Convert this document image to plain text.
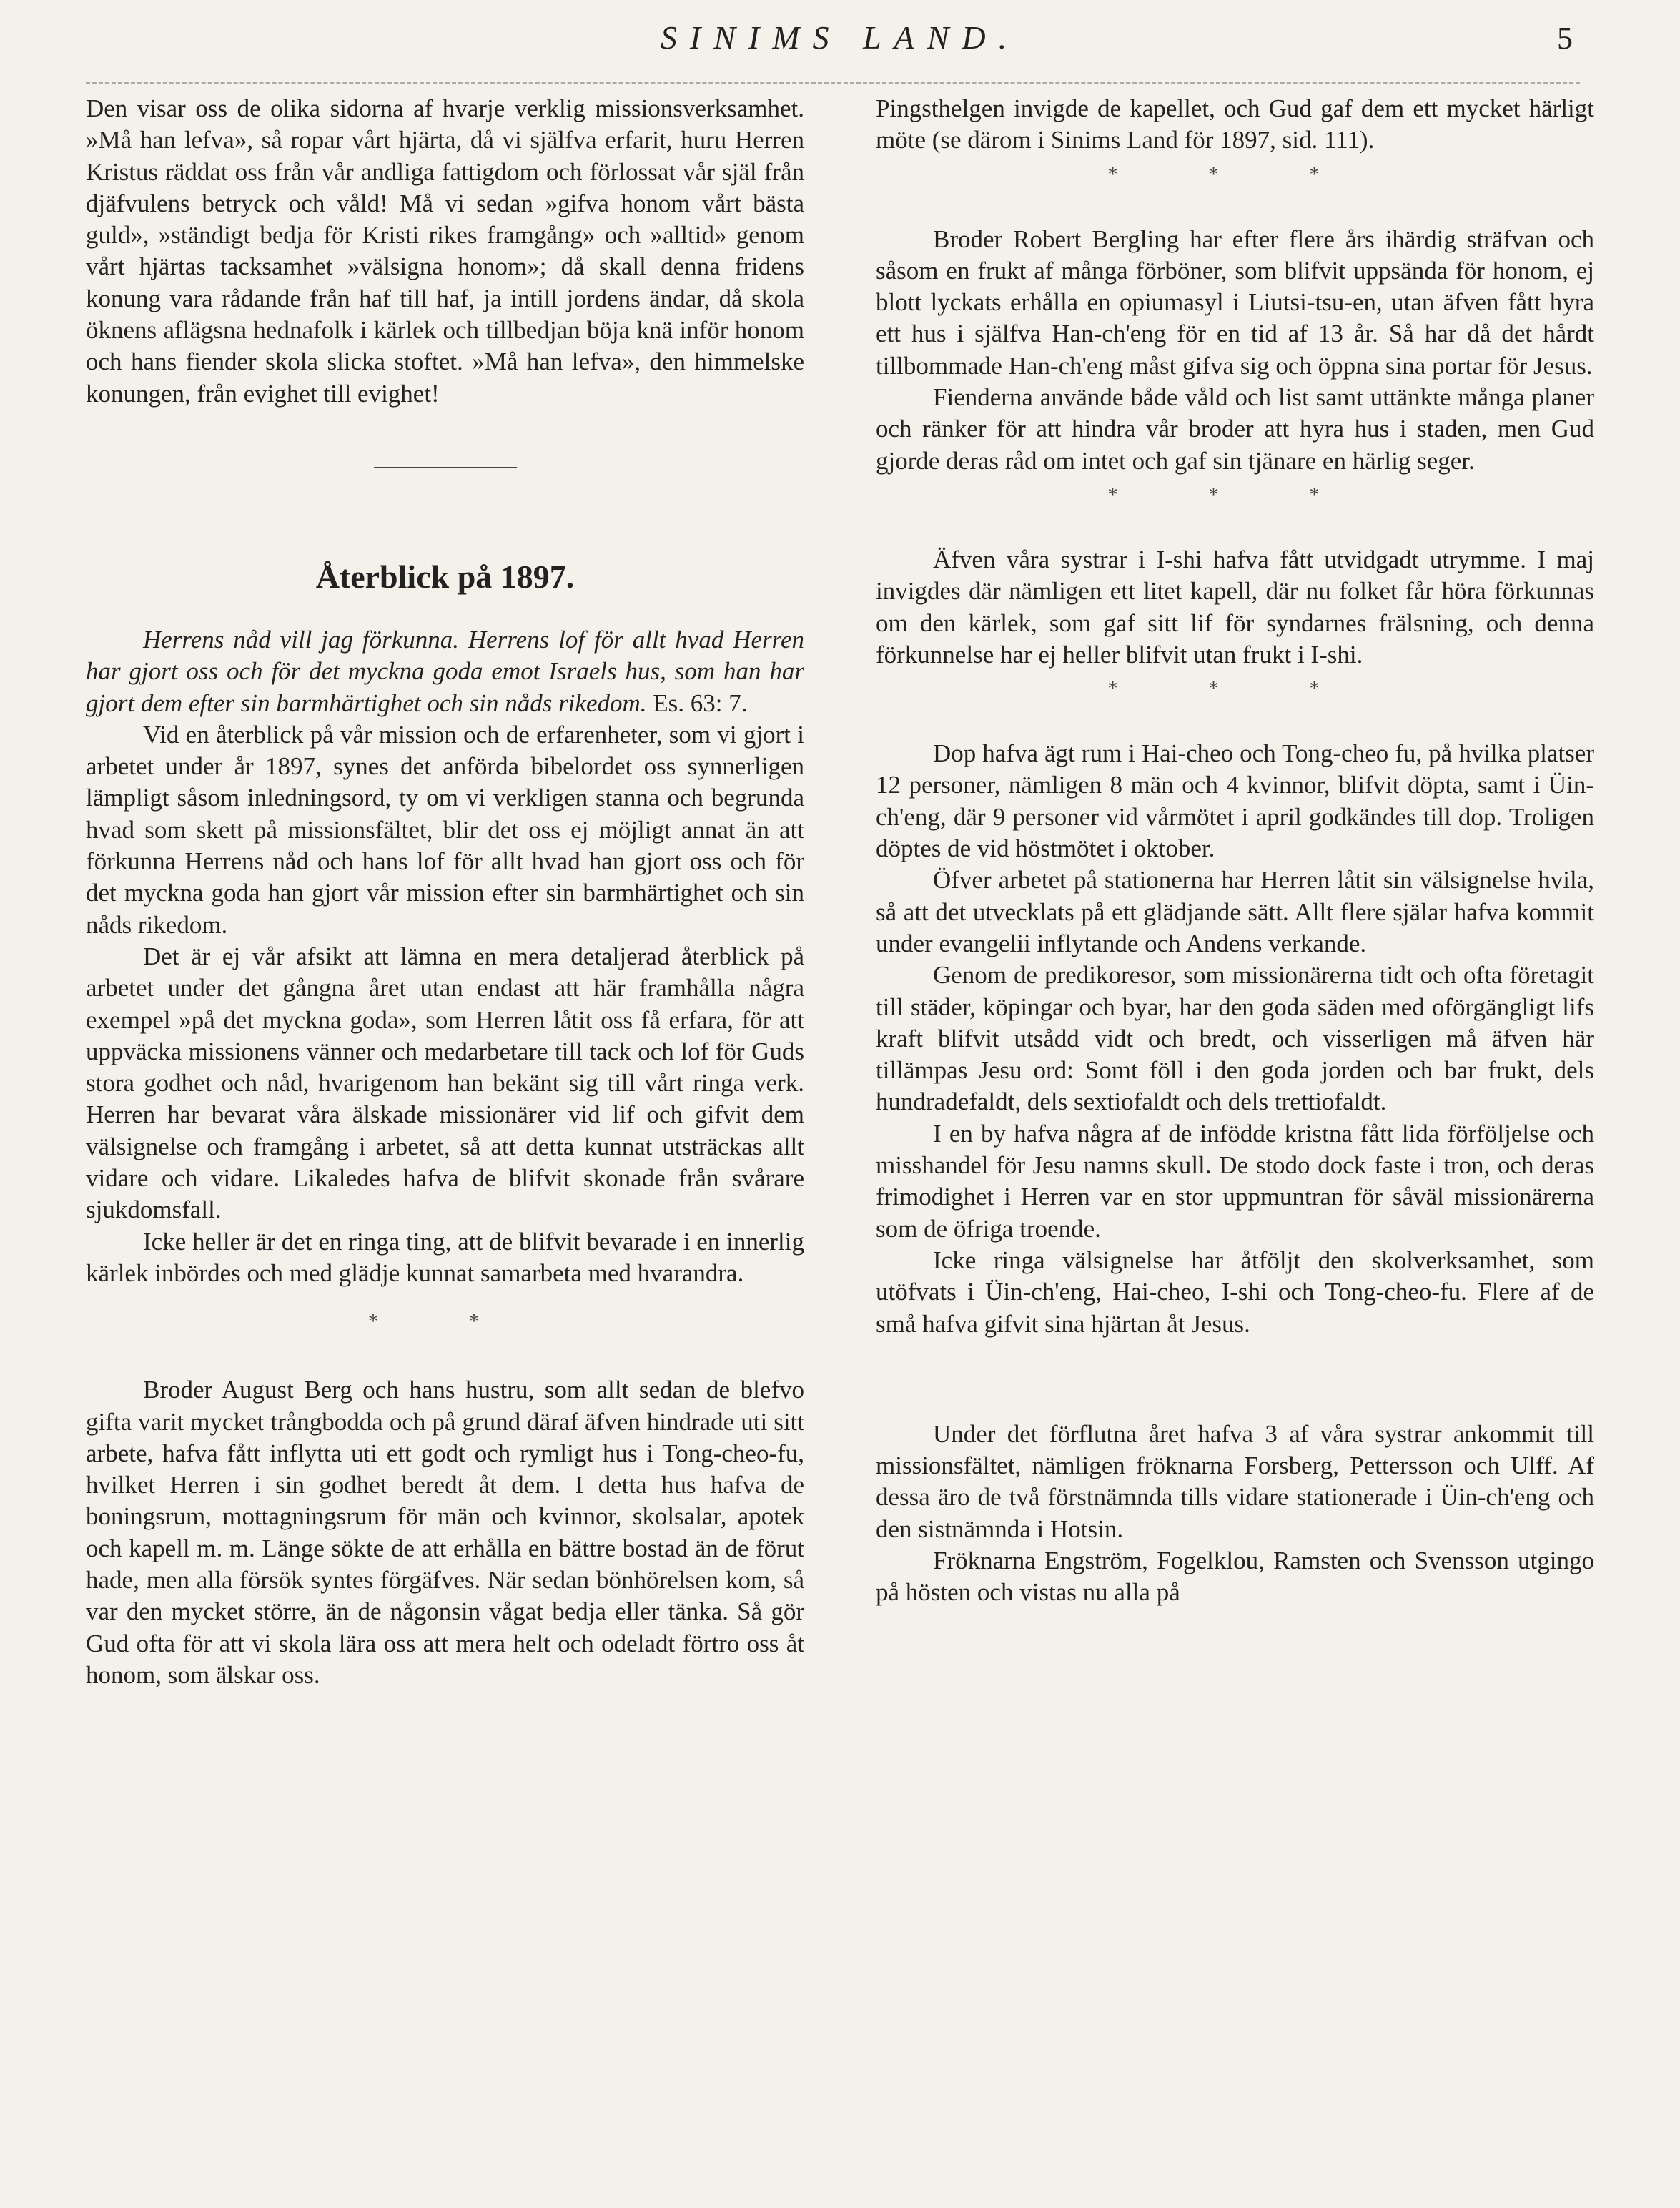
SINIMS LAND.	5

Den visar oss de olika sidorna af hvarje verklig missionsverksamhet. »Må han lefva», så ropar vårt hjärta, då vi själfva erfarit, huru Herren Kristus räddat oss från vår andliga fattigdom och förlossat vår själ från djäfvulens betryck och våld! Må vi sedan »gifva honom vårt bästa guld», »ständigt bedja för Kristi rikes framgång» och »alltid» genom vårt hjärtas tacksamhet »välsigna honom»; då skall denna fridens konung vara rådande från haf till haf, ja intill jordens ändar, då skola öknens aflägsna hednafolk i kärlek och tillbedjan böja knä inför honom och hans fiender skola slicka stoftet. »Må han lefva», den himmelske konungen, från evighet till evighet!

Återblick på 1897.

Herrens nåd vill jag förkunna. Herrens lof för allt hvad Herren har gjort oss och för det myckna goda emot Israels hus, som han har gjort dem efter sin barmhärtighet och sin nåds rikedom. Es. 63: 7.

Vid en återblick på vår mission och de erfarenheter, som vi gjort i arbetet under år 1897, synes det anförda bibelordet oss synnerligen lämpligt såsom inledningsord, ty om vi verkligen stanna och begrunda hvad som skett på missionsfältet, blir det oss ej möjligt annat än att förkunna Herrens nåd och hans lof för allt hvad han gjort oss och för det myckna goda han gjort vår mission efter sin barmhärtighet och sin nåds rikedom.

Det är ej vår afsikt att lämna en mera detaljerad återblick på arbetet under det gångna året utan endast att här framhålla några exempel »på det myckna goda», som Herren låtit oss få erfara, för att uppväcka missionens vänner och medarbetare till tack och lof för Guds stora godhet och nåd, hvarigenom han bekänt sig till vårt ringa verk. Herren har bevarat våra älskade missionärer vid lif och gifvit dem välsignelse och framgång i arbetet, så att detta kunnat utsträckas allt vidare och vidare. Likaledes hafva de blifvit skonade från svårare sjukdomsfall.

Icke heller är det en ringa ting, att de blifvit bevarade i en innerlig kärlek inbördes och med glädje kunnat samarbeta med hvarandra.

* *

Broder August Berg och hans hustru, som allt sedan de blefvo gifta varit mycket trångbodda och på grund däraf äfven hindrade uti sitt arbete, hafva fått inflytta uti ett godt och rymligt hus i Tong-cheo-fu, hvilket Herren i sin godhet beredt åt dem. I detta hus hafva de boningsrum, mottagningsrum för män och kvinnor, skolsalar, apotek och kapell m. m. Länge sökte de att erhålla en bättre bostad än de förut hade, men alla försök syntes förgäfves. När sedan bönhörelsen kom, så var den mycket större, än de någonsin vågat bedja eller tänka. Så gör Gud ofta för att vi skola lära oss att mera helt och odeladt förtro oss åt honom, som älskar oss.

Pingsthelgen invigde de kapellet, och Gud gaf dem ett mycket härligt möte (se därom i Sinims Land för 1897, sid. 111).

* * *

Broder Robert Bergling har efter flere års ihärdig sträfvan och såsom en frukt af många förböner, som blifvit uppsända för honom, ej blott lyckats erhålla en opiumasyl i Liutsi-tsu-en, utan äfven fått hyra ett hus i själfva Han-ch'eng för en tid af 13 år. Så har då det hårdt tillbommade Han-ch'eng måst gifva sig och öppna sina portar för Jesus.

Fienderna använde både våld och list samt uttänkte många planer och ränker för att hindra vår broder att hyra hus i staden, men Gud gjorde deras råd om intet och gaf sin tjänare en härlig seger.

* * *

Äfven våra systrar i I-shi hafva fått utvidgadt utrymme. I maj invigdes där nämligen ett litet kapell, där nu folket får höra förkunnas om den kärlek, som gaf sitt lif för syndarnes frälsning, och denna förkunnelse har ej heller blifvit utan frukt i I-shi.

* * *

Dop hafva ägt rum i Hai-cheo och Tong-cheo fu, på hvilka platser 12 personer, nämligen 8 män och 4 kvinnor, blifvit döpta, samt i Üin-ch'eng, där 9 personer vid vårmötet i april godkändes till dop. Troligen döptes de vid höstmötet i oktober.

Öfver arbetet på stationerna har Herren låtit sin välsignelse hvila, så att det utvecklats på ett glädjande sätt. Allt flere själar hafva kommit under evangelii inflytande och Andens verkande.

Genom de predikoresor, som missionärerna tidt och ofta företagit till städer, köpingar och byar, har den goda säden med oförgängligt lifs kraft blifvit utsådd vidt och bredt, och visserligen må äfven här tillämpas Jesu ord: Somt föll i den goda jorden och bar frukt, dels hundradefaldt, dels sextiofaldt och dels trettiofaldt.

I en by hafva några af de infödde kristna fått lida förföljelse och misshandel för Jesu namns skull. De stodo dock faste i tron, och deras frimodighet i Herren var en stor uppmuntran för såväl missionärerna som de öfriga troende.

Icke ringa välsignelse har åtföljt den skolverksamhet, som utöfvats i Üin-ch'eng, Hai-cheo, I-shi och Tong-cheo-fu. Flere af de små hafva gifvit sina hjärtan åt Jesus.

Under det förflutna året hafva 3 af våra systrar ankommit till missionsfältet, nämligen fröknarna Forsberg, Pettersson och Ulff. Af dessa äro de två förstnämnda tills vidare stationerade i Üin-ch'eng och den sistnämnda i Hotsin.

Fröknarna Engström, Fogelklou, Ramsten och Svensson utgingo på hösten och vistas nu alla på
